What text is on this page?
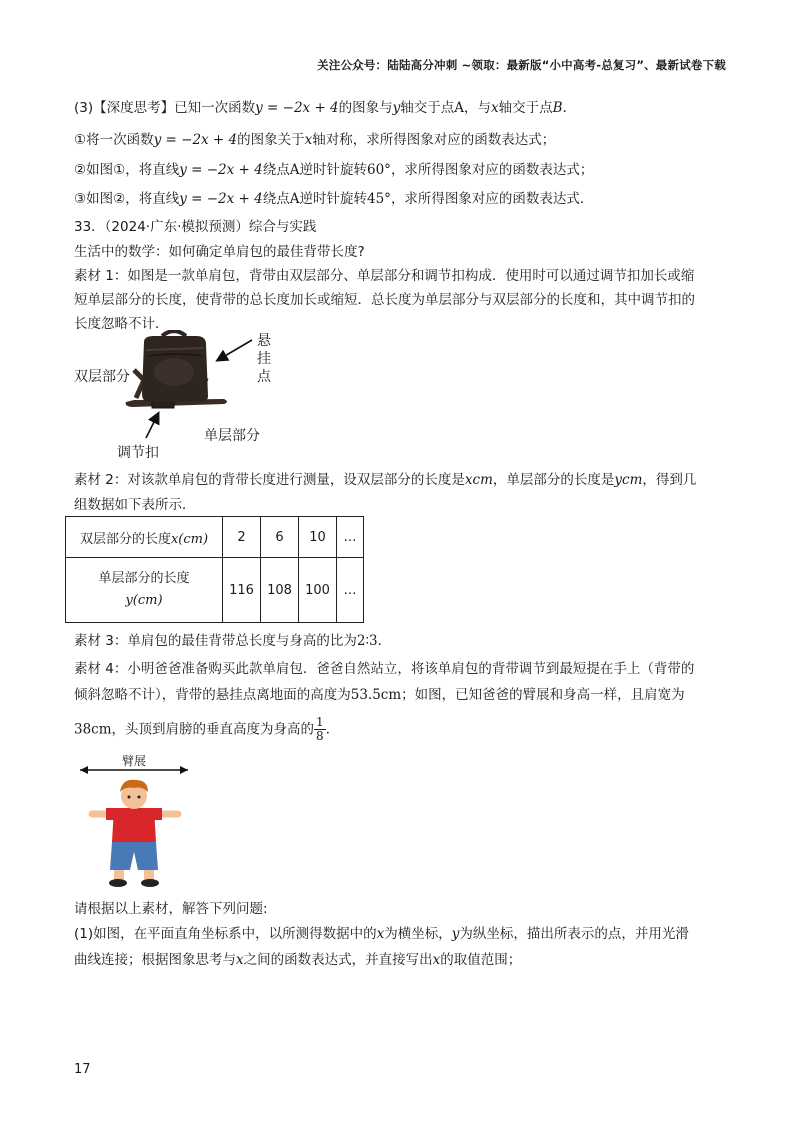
关注公众号：陆陆高分冲刺 ~领取：最新版“小中高考-总复习”、最新试卷下载
(3)【深度思考】已知一次函数y = −2x + 4的图象与y轴交于点A，与x轴交于点B．
①将一次函数y = −2x + 4的图象关于x轴对称，求所得图象对应的函数表达式；
②如图①，将直线y = −2x + 4绕点A逆时针旋转60°，求所得图象对应的函数表达式；
③如图②，将直线y = −2x + 4绕点A逆时针旋转45°，求所得图象对应的函数表达式．
33．（2024·广东·模拟预测）综合与实践
生活中的数学：如何确定单肩包的最佳背带长度?
素材 1：如图是一款单肩包，背带由双层部分、单层部分和调节扣构成．使用时可以通过调节扣加长或缩
短单层部分的长度，使背带的总长度加长或缩短．总长度为单层部分与双层部分的长度和，其中调节扣的
长度忽略不计．
双层部分
悬
挂
点
单层部分
调节扣
素材 2：对该款单肩包的背带长度进行测量，设双层部分的长度是xcm，单层部分的长度是ycm，得到几
组数据如下表所示．
双层部分的长度x(cm)	2	6	10	…

单层部分的长度
y(cm)	116	108	100	…
素材 3：单肩包的最佳背带总长度与身高的比为2∶3．
素材 4：小明爸爸准备购买此款单肩包．爸爸自然站立，将该单肩包的背带调节到最短提在手上（背带的
倾斜忽略不计），背带的悬挂点离地面的高度为53.5cm；如图，已知爸爸的臂展和身高一样，且肩宽为
38cm，头顶到肩膀的垂直高度为身高的 $\frac{1}{8}$ ．
臂展
请根据以上素材，解答下列问题:
(1)如图，在平面直角坐标系中，以所测得数据中的x为横坐标，y为纵坐标，描出所表示的点，并用光滑
曲线连接；根据图象思考与x之间的函数表达式，并直接写出x的取值范围；
17
